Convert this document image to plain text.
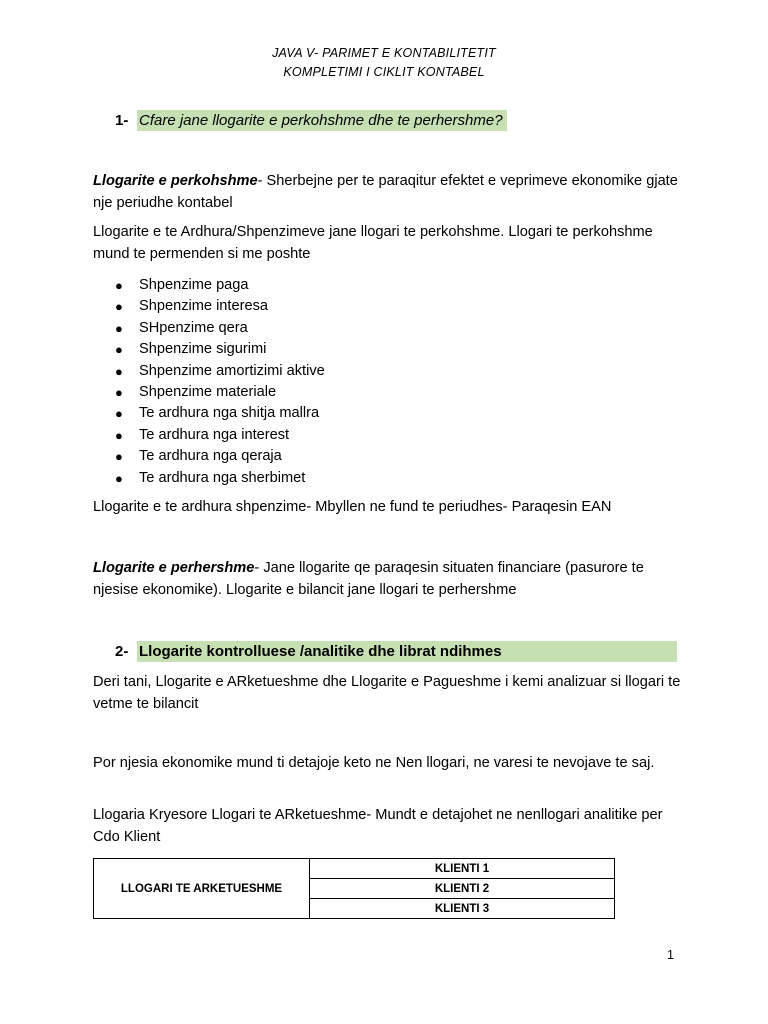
JAVA V- PARIMET E KONTABILITETIT
KOMPLETIMI I CIKLIT KONTABEL
1- Cfare jane llogarite e perkohshme dhe te perhershme?
Llogarite e perkohshme- Sherbejne per te paraqitur efektet e veprimeve ekonomike gjate nje periudhe kontabel
Llogarite e te Ardhura/Shpenzimeve jane llogari te perkohshme. Llogari te perkohshme mund te permenden si me poshte
● Shpenzime paga
● Shpenzime interesa
● SHpenzime qera
● Shpenzime sigurimi
● Shpenzime amortizimi aktive
● Shpenzime materiale
● Te ardhura nga shitja mallra
● Te ardhura nga interest
● Te ardhura nga qeraja
● Te ardhura nga sherbimet
Llogarite e te ardhura shpenzime- Mbyllen ne fund te periudhes- Paraqesin EAN
Llogarite e perhershme- Jane llogarite qe paraqesin situaten financiare (pasurore te njesise ekonomike). Llogarite e bilancit jane llogari te perhershme
2- Llogarite kontrolluese /analitike dhe librat ndihmes
Deri tani, Llogarite e ARketueshme dhe Llogarite e Pagueshme i kemi analizuar si llogari te vetme te bilancit
Por njesia ekonomike mund ti detajoje keto ne Nen llogari, ne varesi te nevojave te saj.
Llogaria Kryesore Llogari te ARketueshme- Mundt e detajohet ne nenllogari analitike per Cdo Klient
LLOGARI TE ARKETUESHME	KLIENTI 1
KLIENTI 2
KLIENTI 3
1
